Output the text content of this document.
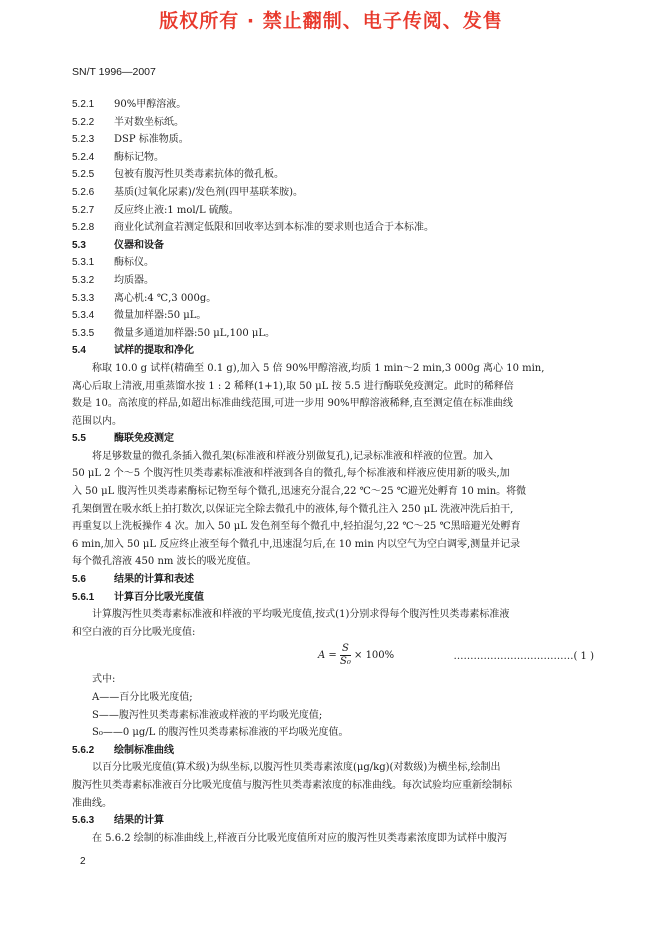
版权所有 · 禁止翻制、电子传阅、发售
SN/T 1996—2007
5.2.1	90%甲醇溶液。
5.2.2	半对数坐标纸。
5.2.3	DSP 标准物质。
5.2.4	酶标记物。
5.2.5	包被有腹泻性贝类毒素抗体的微孔板。
5.2.6	基质(过氧化尿素)/发色剂(四甲基联苯胺)。
5.2.7	反应终止液:1 mol/L 硫酸。
5.2.8	商业化试剂盒若测定低限和回收率达到本标准的要求则也适合于本标准。
5.3	仪器和设备
5.3.1	酶标仪。
5.3.2	均质器。
5.3.3	离心机:4 ℃,3 000g。
5.3.4	微量加样器:50 μL。
5.3.5	微量多通道加样器:50 μL,100 μL。
5.4	试样的提取和净化
称取 10.0 g 试样(精确至 0.1 g),加入 5 倍 90%甲醇溶液,均质 1 min～2 min,3 000g 离心 10 min,
离心后取上清液,用重蒸馏水按 1 : 2 稀释(1+1),取 50 μL 按 5.5 进行酶联免疫测定。此时的稀释倍
数是 10。高浓度的样品,如超出标准曲线范围,可进一步用 90%甲醇溶液稀释,直至测定值在标准曲线
范围以内。
5.5	酶联免疫测定
将足够数量的微孔条插入微孔架(标准液和样液分别做复孔),记录标准液和样液的位置。加入
50 μL 2 个～5 个腹泻性贝类毒素标准液和样液到各自的微孔,每个标准液和样液应使用新的吸头,加
入 50 μL 腹泻性贝类毒素酶标记物至每个微孔,迅速充分混合,22 ℃～25 ℃避光处孵育 10 min。将微
孔架倒置在吸水纸上拍打数次,以保证完全除去微孔中的液体,每个微孔注入 250 μL 洗液冲洗后拍干,
再重复以上洗板操作 4 次。加入 50 μL 发色剂至每个微孔中,轻拍混匀,22 ℃～25 ℃黑暗避光处孵育
6 min,加入 50 μL 反应终止液至每个微孔中,迅速混匀后,在 10 min 内以空气为空白调零,测量并记录
每个微孔溶液 450 nm 波长的吸光度值。
5.6	结果的计算和表述
5.6.1	计算百分比吸光度值
计算腹泻性贝类毒素标准液和样液的平均吸光度值,按式(1)分别求得每个腹泻性贝类毒素标准液
和空白液的百分比吸光度值:
$A = \frac{S}{\text{S₀}} \times 100\%$	………………………………( 1 )
式中:
A——百分比吸光度值;
S——腹泻性贝类毒素标准液或样液的平均吸光度值;
S₀——0 μg/L 的腹泻性贝类毒素标准液的平均吸光度值。
5.6.2	绘制标准曲线
以百分比吸光度值(算术级)为纵坐标,以腹泻性贝类毒素浓度(μg/kg)(对数级)为横坐标,绘制出
腹泻性贝类毒素标准液百分比吸光度值与腹泻性贝类毒素浓度的标准曲线。每次试验均应重新绘制标
准曲线。
5.6.3	结果的计算
在 5.6.2 绘制的标准曲线上,样液百分比吸光度值所对应的腹泻性贝类毒素浓度即为试样中腹泻
2
